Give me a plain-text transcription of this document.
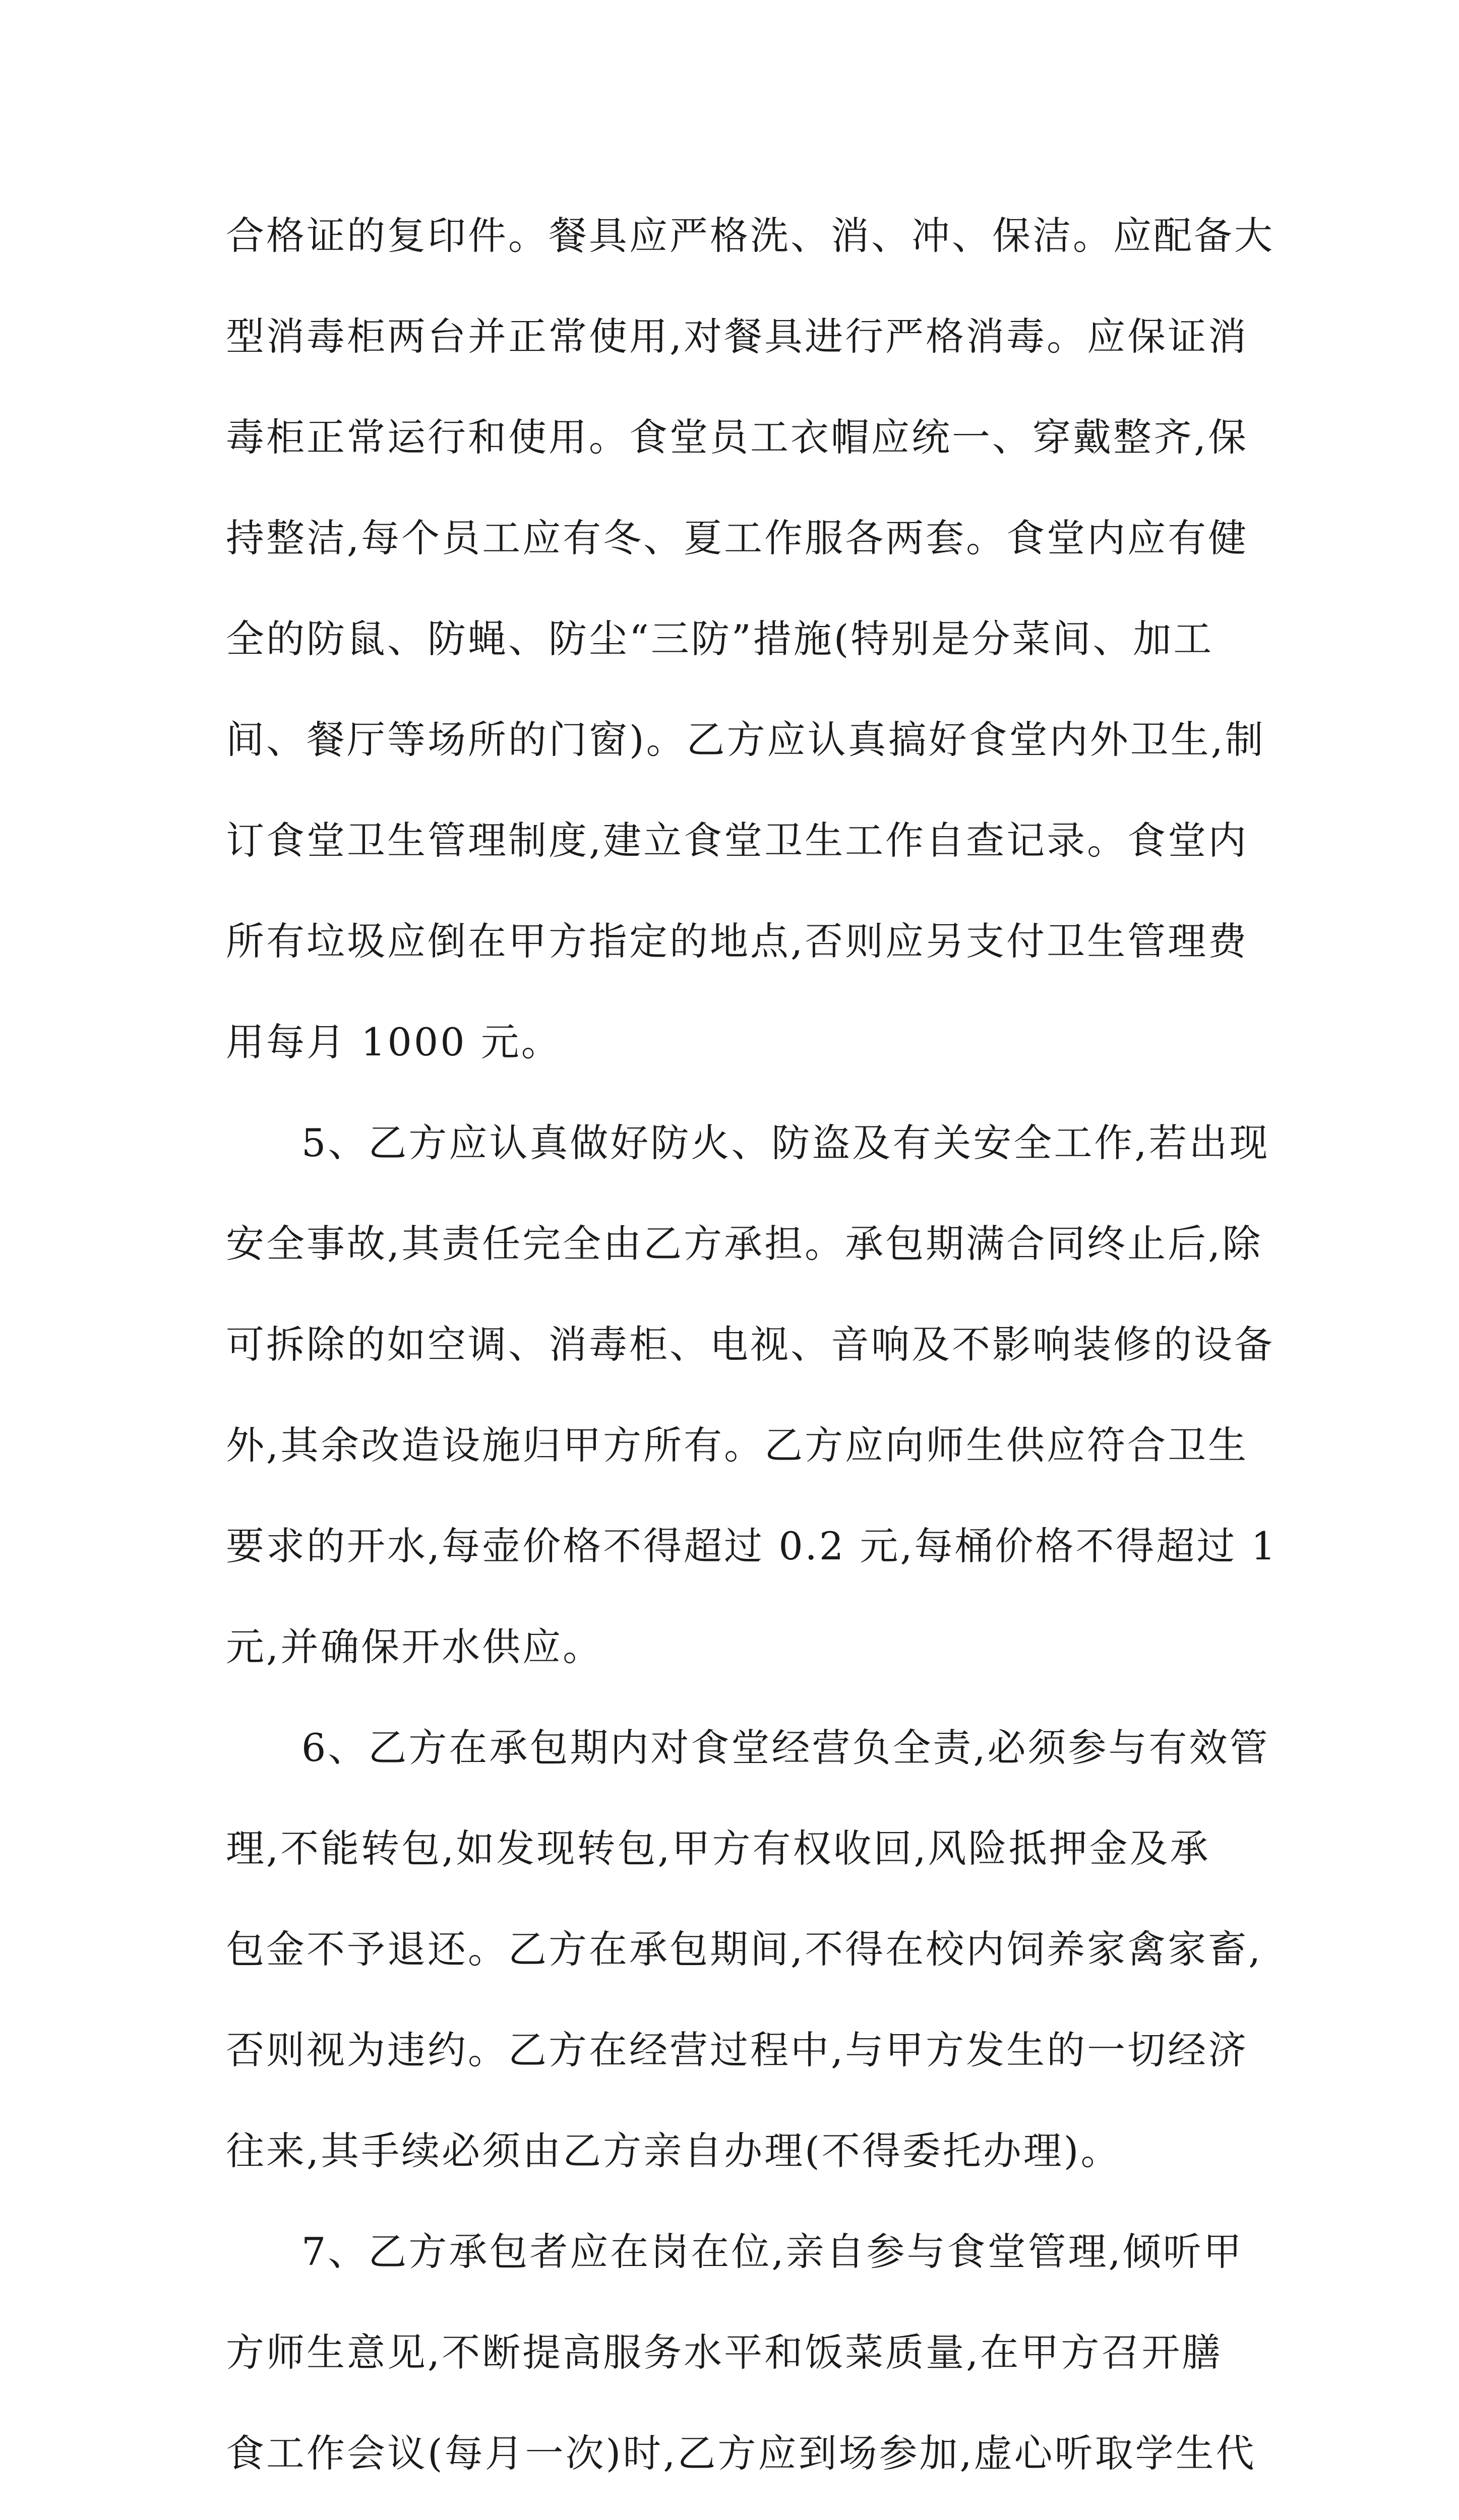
合格证的复印件。餐具应严格洗、消、冲、保洁。应配备大
型消毒柜两台并正常使用,对餐具进行严格消毒。应保证消
毒柜正常运行和使用。食堂员工衣帽应统一、穿戴整齐,保
持整洁,每个员工应有冬、夏工作服各两套。食堂内应有健
全的防鼠、防蝇、防尘“三防”措施(特别是分菜间、加工
间、餐厅等场所的门窗)。乙方应认真搞好食堂内外卫生,制
订食堂卫生管理制度,建立食堂卫生工作自查记录。食堂内
所有垃圾应倒在甲方指定的地点,否则应另支付卫生管理费
用每月 1000 元。
5、乙方应认真做好防火、防盗及有关安全工作,若出现
安全事故,其责任完全由乙方承担。承包期满合同终止后,除
可拆除的如空调、消毒柜、电视、音响及不影响装修的设备
外,其余改造设施归甲方所有。乙方应向师生供应符合卫生
要求的开水,每壶价格不得超过 0.2 元,每桶价格不得超过 1
元,并确保开水供应。
6、乙方在承包期内对食堂经营负全责,必须参与有效管
理,不能转包,如发现转包,甲方有权收回,风险抵押金及承
包金不予退还。乙方在承包期间,不得在校内饲养家禽家畜,
否则视为违约。乙方在经营过程中,与甲方发生的一切经济
往来,其手续必须由乙方亲自办理(不得委托办理)。
7、乙方承包者应在岗在位,亲自参与食堂管理,倾听甲
方师生意见,不断提高服务水平和饭菜质量,在甲方召开膳
食工作会议(每月一次)时,乙方应到场参加,虚心听取学生代
